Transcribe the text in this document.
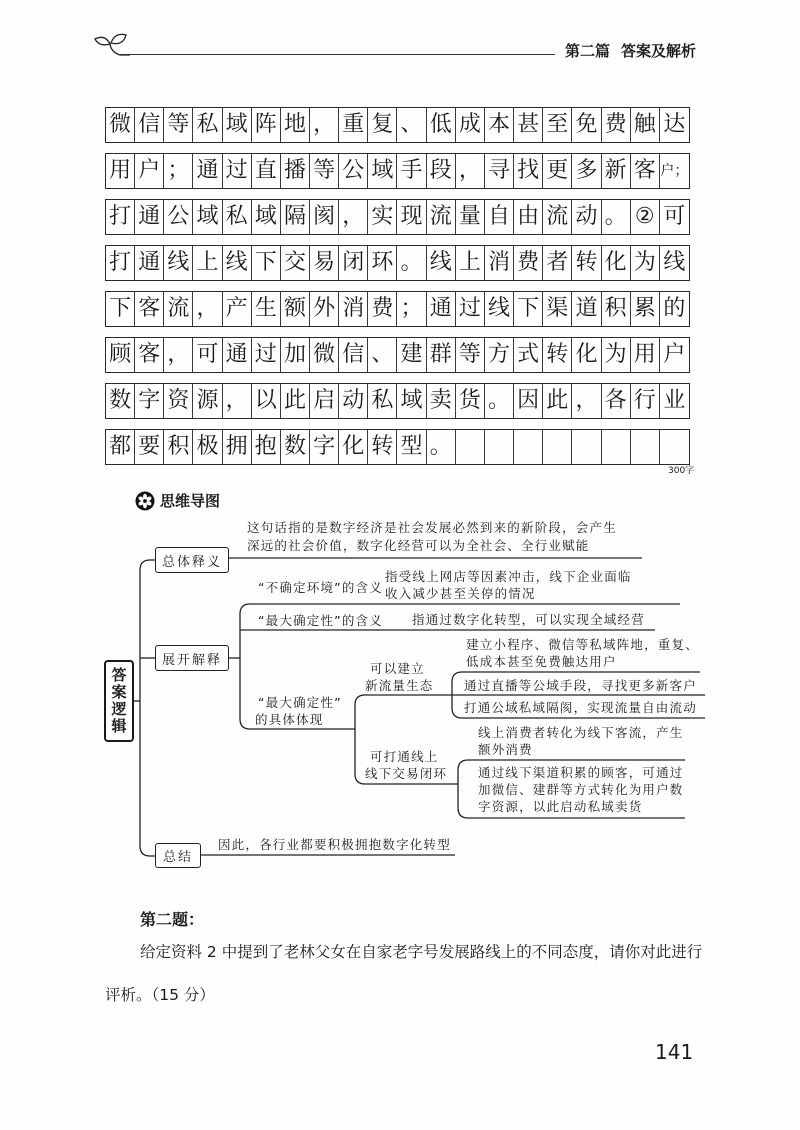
第二篇 答案及解析
微 信 等 私 域 阵 地 ， 重 复 、 低 成 本 甚 至 免 费 触 达
用 户 ； 通 过 直 播 等 公 域 手 段 ， 寻 找 更 多 新 客 户；
打 通 公 域 私 域 隔 阂 ， 实 现 流 量 自 由 流 动 。 ② 可
打 通 线 上 线 下 交 易 闭 环 。 线 上 消 费 者 转 化 为 线
下 客 流 ， 产 生 额 外 消 费 ； 通 过 线 下 渠 道 积 累 的
顾 客 ， 可 通 过 加 微 信 、 建 群 等 方 式 转 化 为 用 户
数 字 资 源 ， 以 此 启 动 私 域 卖 货 。 因 此 ， 各 行 业
都 要 积 极 拥 抱 数 字 化 转 型 。
300字
思维导图
答案逻辑
总体释义
这句话指的是数字经济是社会发展必然到来的新阶段，会产生
深远的社会价值，数字化经营可以为全社会、全行业赋能
展开解释
“不确定环境”的含义
指受线上网店等因素冲击，线下企业面临
收入减少甚至关停的情况
“最大确定性”的含义 指通过数字化转型，可以实现全域经营
“最大确定性”
的具体体现
可以建立
新流量生态
建立小程序、微信等私域阵地，重复、
低成本甚至免费触达用户
通过直播等公域手段，寻找更多新客户
打通公域私域隔阂，实现流量自由流动
可打通线上
线下交易闭环
线上消费者转化为线下客流，产生
额外消费
通过线下渠道积累的顾客，可通过
加微信、建群等方式转化为用户数
字资源，以此启动私域卖货
总结
因此，各行业都要积极拥抱数字化转型
第二题：
给定资料 2 中提到了老林父女在自家老字号发展路线上的不同态度，请你对此进行
评析。（15 分）
141
